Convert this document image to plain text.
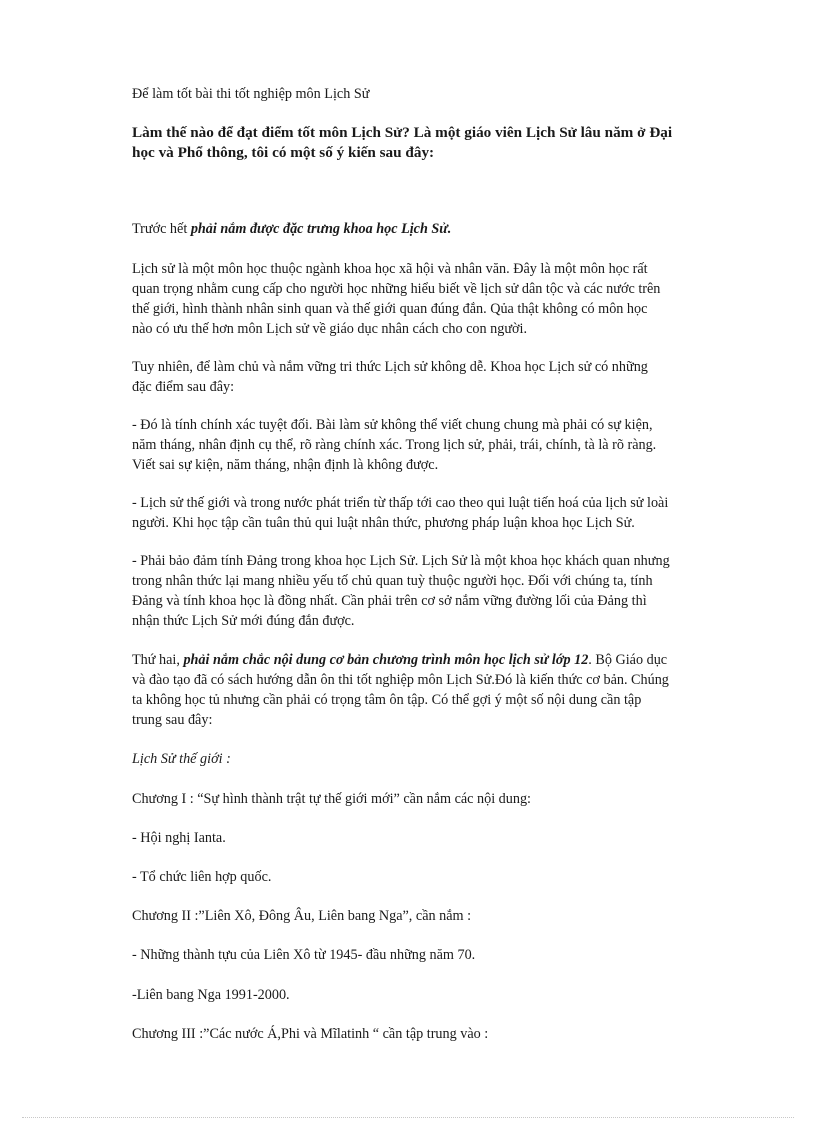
Để làm tốt bài thi tốt nghiệp môn Lịch Sử

Làm thế nào để đạt điểm tốt môn Lịch Sử? Là một giáo viên Lịch Sử lâu năm ở Đại

học và Phổ thông, tôi có một số ý kiến sau đây:

Trước hết phải nắm được đặc trưng khoa học Lịch Sử.

Lịch sử là một môn học thuộc ngành khoa học xã hội và nhân văn. Đây là một môn học rất

quan trọng nhằm cung cấp cho người học những hiểu biết về lịch sử dân tộc và các nước trên

thế giới, hình thành nhân sinh quan và thế giới quan đúng đắn. Qủa thật không có môn học

nào có ưu thế hơn môn Lịch sử về giáo dục nhân cách cho con người.

Tuy nhiên, để làm chủ và nắm vững tri thức Lịch sử không dễ. Khoa học Lịch sử có những

đặc điểm sau đây:

- Đó là tính chính xác tuyệt đối. Bài làm sử không thể viết chung chung mà phải có sự kiện,

năm tháng, nhân định cụ thể, rõ ràng chính xác. Trong lịch sử, phải, trái, chính, tà là rõ ràng.

Viết sai sự kiện, năm tháng, nhận định là không được.

- Lịch sử thế giới và trong nước phát triển từ thấp tới cao theo qui luật tiến hoá của lịch sử loài

người. Khi học tập cần tuân thủ qui luật nhân thức, phương pháp luận khoa học Lịch Sử.

- Phải bảo đảm tính Đảng trong khoa học Lịch Sử. Lịch Sử là một khoa học khách quan nhưng

trong nhân thức lại mang nhiều yếu tố chủ quan tuỳ thuộc người học. Đối với chúng ta, tính

Đảng và tính khoa học là đồng nhất. Cần phải trên cơ sở nắm vững đường lối của Đảng thì

nhận thức Lịch Sử mới đúng đắn được.

Thứ hai, phải nắm chắc nội dung cơ bản chương trình môn học lịch sử lớp 12. Bộ Giáo dục

và đào tạo đã có sách hướng dẫn ôn thi tốt nghiệp môn Lịch Sử.Đó là kiến thức cơ bản. Chúng

ta không học tủ nhưng cần phải có trọng tâm ôn tập. Có thể gợi ý một số nội dung cần tập

trung sau đây:

Lịch Sử thế giới :

Chương I : “Sự hình thành trật tự thế giới mới” cần nắm các nội dung:

- Hội nghị Ianta.

- Tổ chức liên hợp quốc.

Chương II :”Liên Xô, Đông Âu, Liên bang Nga”, cần nắm :

- Những thành tựu của Liên Xô từ 1945- đầu những năm 70.

-Liên bang Nga 1991-2000.

Chương III :”Các nước Á,Phi và Mĩlatinh “ cần tập trung vào :
